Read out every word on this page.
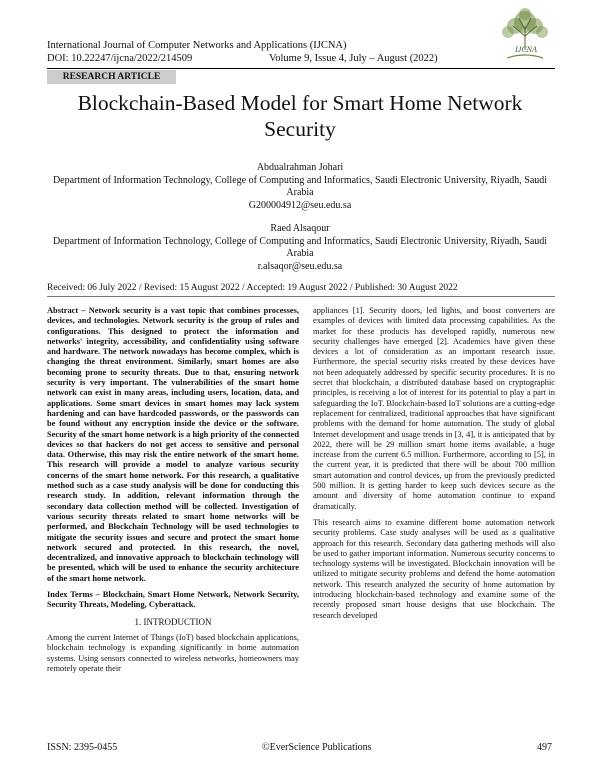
International Journal of Computer Networks and Applications (IJCNA)
DOI: 10.22247/ijcna/2022/214509	Volume 9, Issue 4, July – August (2022)
IJCNA
RESEARCH ARTICLE
Blockchain-Based Model for Smart Home Network Security
Abdualrahman Johari
Department of Information Technology, College of Computing and Informatics, Saudi Electronic University, Riyadh, Saudi Arabia
G200004912@seu.edu.sa
Raed Alsaqour
Department of Information Technology, College of Computing and Informatics, Saudi Electronic University, Riyadh, Saudi Arabia
r.alsaqor@seu.edu.sa
Received: 06 July 2022 / Revised: 15 August 2022 / Accepted: 19 August 2022 / Published: 30 August 2022

Abstract – Network security is a vast topic that combines processes, devices, and technologies. Network security is the group of rules and configurations. This designed to protect the information and networks' integrity, accessibility, and confidentiality using software and hardware. The network nowadays has become complex, which is changing the threat environment. Similarly, smart homes are also becoming prone to security threats. Due to that, ensuring network security is very important. The vulnerabilities of the smart home network can exist in many areas, including users, location, data, and applications. Some smart devices in smart homes may lack system hardening and can have hardcoded passwords, or the passwords can be found without any encryption inside the device or the software. Security of the smart home network is a high priority of the connected devices so that hackers do not get access to sensitive and personal data. Otherwise, this may risk the entire network of the smart home. This research will provide a model to analyze various security concerns of the smart home network. For this research, a qualitative method such as a case study analysis will be done for conducting this research study. In addition, relevant information through the secondary data collection method will be collected. Investigation of various security threats related to smart home networks will be performed, and Blockchain Technology will be used technologies to mitigate the security issues and secure and protect the smart home network secured and protected. In this research, the novel, decentralized, and innovative approach to blockchain technology will be presented, which will be used to enhance the security architecture of the smart home network.

Index Terms – Blockchain, Smart Home Network, Network Security, Security Threats, Modeling, Cyberattack.

1. INTRODUCTION

Among the current Internet of Things (IoT) based blockchain applications, blockchain technology is expanding significantly in home automation systems. Using sensors connected to wireless networks, homeowners may remotely operate their

appliances [1]. Security doors, led lights, and boost converters are examples of devices with limited data processing capabilities. As the market for these products has developed rapidly, numerous new security challenges have emerged [2]. Academics have given these devices a lot of consideration as an important research issue. Furthermore, the special security risks created by these devices have not been adequately addressed by specific security procedures. It is no secret that blockchain, a distributed database based on cryptographic principles, is receiving a lot of interest for its potential to play a part in safeguarding the IoT. Blockchain-based IoT solutions are a cutting-edge replacement for centralized, traditional approaches that have significant problems with the demand for home automation. The study of global Internet development and usage trends in [3, 4], it is anticipated that by 2022, there will be 29 million smart home items available, a huge increase from the current 6.5 million. Furthermore, according to [5], in the current year, it is predicted that there will be about 700 million smart automation and control devices, up from the previously predicted 500 million. It is getting harder to keep such devices secure as the amount and diversity of home automation continue to expand dramatically.

This research aims to examine different home automation network security problems. Case study analyses will be used as a qualitative approach for this research. Secondary data gathering methods will also be used to gather important information. Numerous security concerns to technology systems will be investigated. Blockchain innovation will be utilized to mitigate security problems and defend the home automation network. This research analyzed the security of home automation by introducing blockchain-based technology and examine some of the recently proposed smart house designs that use blockchain. The research developed

ISSN: 2395-0455	©EverScience Publications	497
